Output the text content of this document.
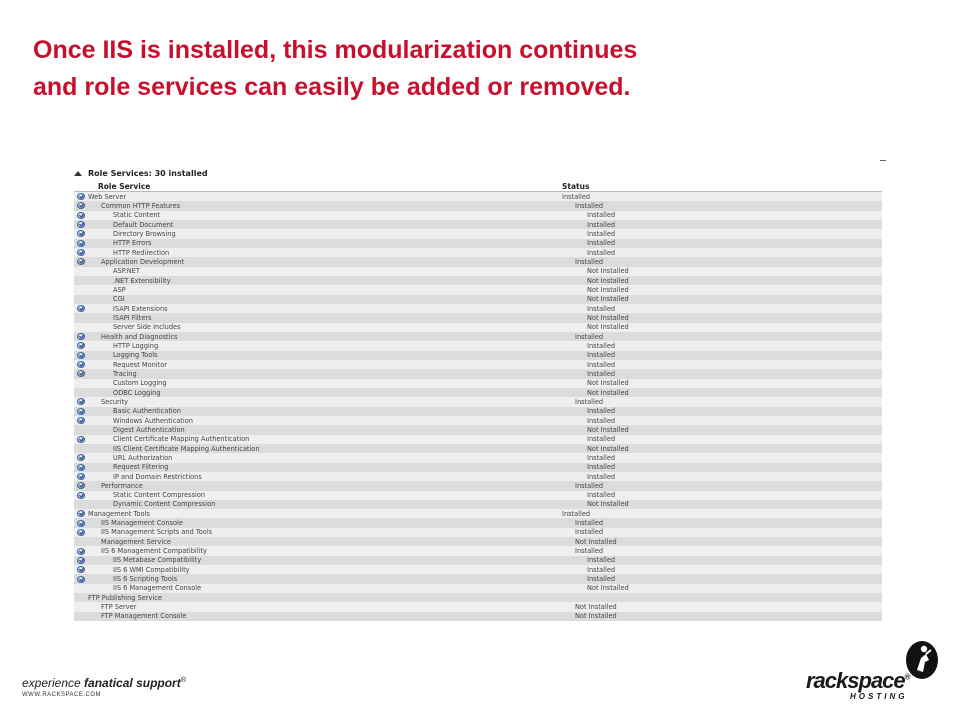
Once IIS is installed, this modularization continues
and role services can easily be added or removed.
Role Services: 30 installed
Role Service	Status
Web Server	Installed
Common HTTP Features	Installed
Static Content	Installed
Default Document	Installed
Directory Browsing	Installed
HTTP Errors	Installed
HTTP Redirection	Installed
Application Development	Installed
ASP.NET	Not Installed
.NET Extensibility	Not Installed
ASP	Not Installed
CGI	Not Installed
ISAPI Extensions	Installed
ISAPI Filters	Not Installed
Server Side Includes	Not Installed
Health and Diagnostics	Installed
HTTP Logging	Installed
Logging Tools	Installed
Request Monitor	Installed
Tracing	Installed
Custom Logging	Not Installed
ODBC Logging	Not Installed
Security	Installed
Basic Authentication	Installed
Windows Authentication	Installed
Digest Authentication	Not Installed
Client Certificate Mapping Authentication	Installed
IIS Client Certificate Mapping Authentication	Not Installed
URL Authorization	Installed
Request Filtering	Installed
IP and Domain Restrictions	Installed
Performance	Installed
Static Content Compression	Installed
Dynamic Content Compression	Not Installed
Management Tools	Installed
IIS Management Console	Installed
IIS Management Scripts and Tools	Installed
Management Service	Not Installed
IIS 6 Management Compatibility	Installed
IIS Metabase Compatibility	Installed
IIS 6 WMI Compatibility	Installed
IIS 6 Scripting Tools	Installed
IIS 6 Management Console	Not Installed
FTP Publishing Service
FTP Server	Not Installed
FTP Management Console	Not Installed
experience fanatical support®
WWW.RACKSPACE.COM
rackspace®
HOSTING
